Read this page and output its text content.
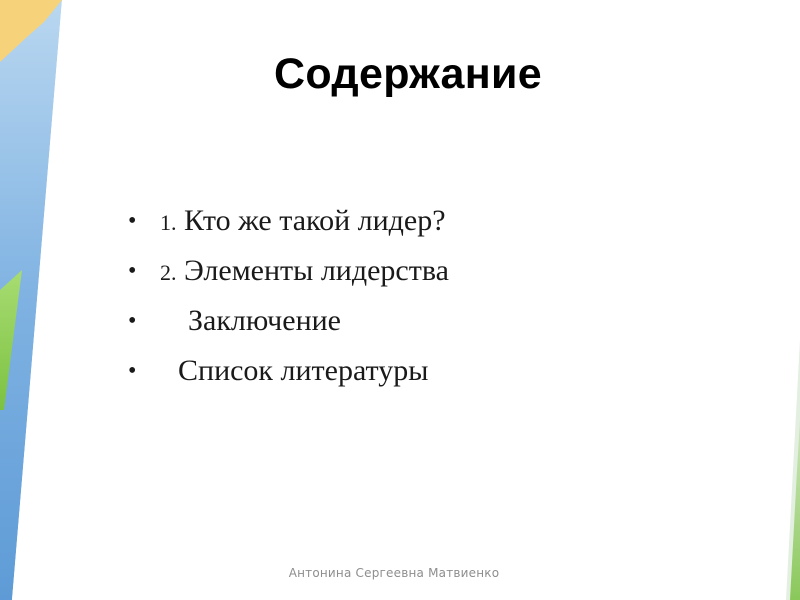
Содержание
• 1. Кто же такой лидер?
• 2. Элементы лидерства
• Заключение
• Список литературы
Антонина Сергеевна Матвиенко
